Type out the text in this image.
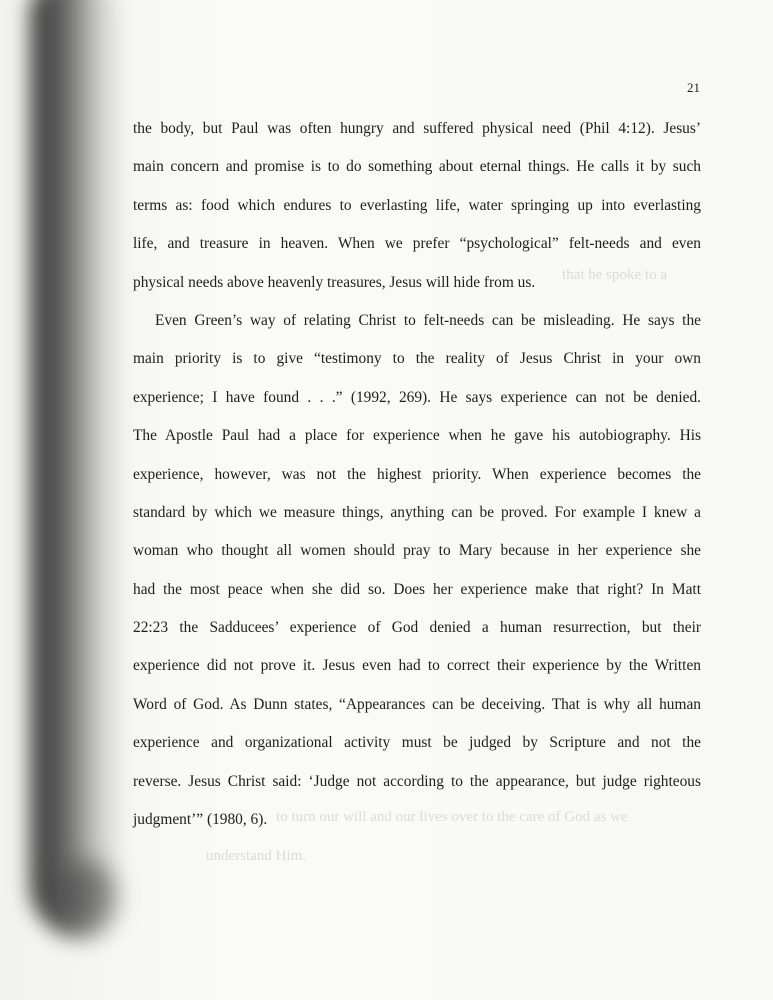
that he spoke to a
to turn our will and our lives over to the care of God as we
understand Him.
21
the body, but Paul was often hungry and suffered physical need (Phil 4:12). Jesus’
main concern and promise is to do something about eternal things. He calls it by such
terms as: food which endures to everlasting life, water springing up into everlasting
life, and treasure in heaven. When we prefer “psychological” felt-needs and even
physical needs above heavenly treasures, Jesus will hide from us.
Even Green’s way of relating Christ to felt-needs can be misleading. He says the
main priority is to give “testimony to the reality of Jesus Christ in your own
experience; I have found . . .” (1992, 269). He says experience can not be denied.
The Apostle Paul had a place for experience when he gave his autobiography. His
experience, however, was not the highest priority. When experience becomes the
standard by which we measure things, anything can be proved. For example I knew a
woman who thought all women should pray to Mary because in her experience she
had the most peace when she did so. Does her experience make that right? In Matt
22:23 the Sadducees’ experience of God denied a human resurrection, but their
experience did not prove it. Jesus even had to correct their experience by the Written
Word of God. As Dunn states, “Appearances can be deceiving. That is why all human
experience and organizational activity must be judged by Scripture and not the
reverse. Jesus Christ said: ‘Judge not according to the appearance, but judge righteous
judgment’” (1980, 6).
